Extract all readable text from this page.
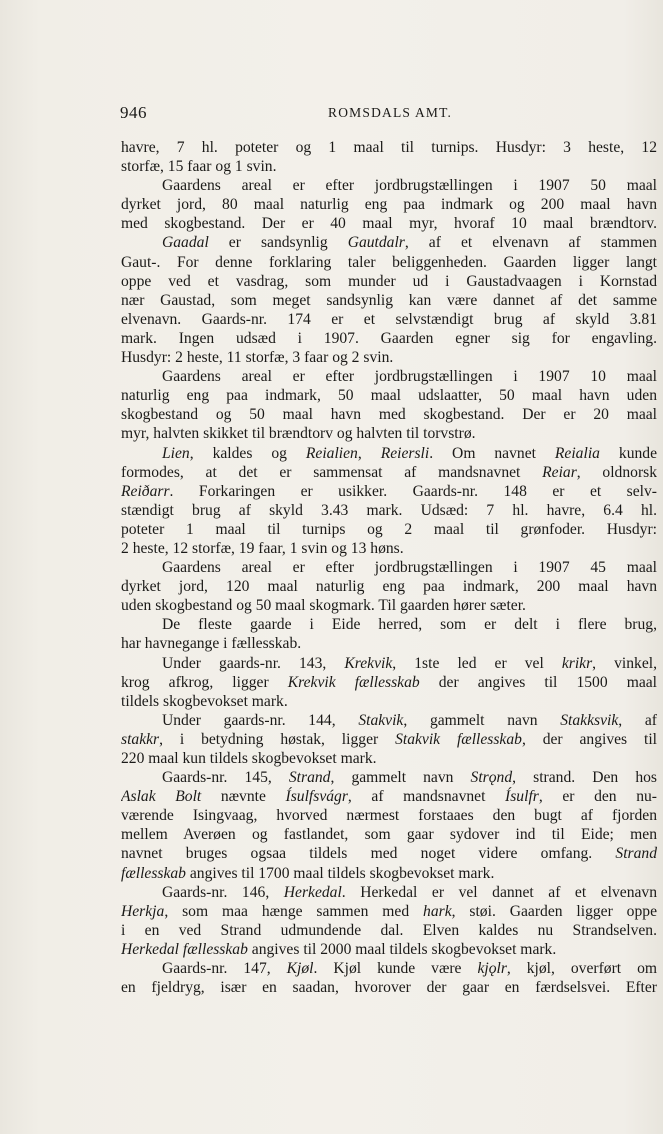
946	ROMSDALS AMT.
havre, 7 hl. poteter og 1 maal til turnips. Husdyr: 3 heste, 12
storfæ, 15 faar og 1 svin.
Gaardens areal er efter jordbrugstællingen i 1907 50 maal
dyrket jord, 80 maal naturlig eng paa indmark og 200 maal havn
med skogbestand. Der er 40 maal myr, hvoraf 10 maal brændtorv.
Gaadal er sandsynlig Gautdalr, af et elvenavn af stammen
Gaut-. For denne forklaring taler beliggenheden. Gaarden ligger langt
oppe ved et vasdrag, som munder ud i Gaustadvaagen i Kornstad
nær Gaustad, som meget sandsynlig kan være dannet af det samme
elvenavn. Gaards-nr. 174 er et selvstændigt brug af skyld 3.81
mark. Ingen udsæd i 1907. Gaarden egner sig for engavling.
Husdyr: 2 heste, 11 storfæ, 3 faar og 2 svin.
Gaardens areal er efter jordbrugstællingen i 1907 10 maal
naturlig eng paa indmark, 50 maal udslaatter, 50 maal havn uden
skogbestand og 50 maal havn med skogbestand. Der er 20 maal
myr, halvten skikket til brændtorv og halvten til torvstrø.
Lien, kaldes og Reialien, Reiersli. Om navnet Reialia kunde
formodes, at det er sammensat af mandsnavnet Reiar, oldnorsk
Reiðarr. Forkaringen er usikker. Gaards-nr. 148 er et selv-
stændigt brug af skyld 3.43 mark. Udsæd: 7 hl. havre, 6.4 hl.
poteter 1 maal til turnips og 2 maal til grønfoder. Husdyr:
2 heste, 12 storfæ, 19 faar, 1 svin og 13 høns.
Gaardens areal er efter jordbrugstællingen i 1907 45 maal
dyrket jord, 120 maal naturlig eng paa indmark, 200 maal havn
uden skogbestand og 50 maal skogmark. Til gaarden hører sæter.
De fleste gaarde i Eide herred, som er delt i flere brug,
har havnegange i fællesskab.
Under gaards-nr. 143, Krekvik, 1ste led er vel krikr, vinkel,
krog afkrog, ligger Krekvik fællesskab der angives til 1500 maal
tildels skogbevokset mark.
Under gaards-nr. 144, Stakvik, gammelt navn Stakksvik, af
stakkr, i betydning høstak, ligger Stakvik fællesskab, der angives til
220 maal kun tildels skogbevokset mark.
Gaards-nr. 145, Strand, gammelt navn Strǫnd, strand. Den hos
Aslak Bolt nævnte Ísulfsvágr, af mandsnavnet Ísulfr, er den nu-
værende Isingvaag, hvorved nærmest forstaaes den bugt af fjorden
mellem Averøen og fastlandet, som gaar sydover ind til Eide; men
navnet bruges ogsaa tildels med noget videre omfang. Strand
fællesskab angives til 1700 maal tildels skogbevokset mark.
Gaards-nr. 146, Herkedal. Herkedal er vel dannet af et elvenavn
Herkja, som maa hænge sammen med hark, støi. Gaarden ligger oppe
i en ved Strand udmundende dal. Elven kaldes nu Strandselven.
Herkedal fællesskab angives til 2000 maal tildels skogbevokset mark.
Gaards-nr. 147, Kjøl. Kjøl kunde være kjǫlr, kjøl, overført om
en fjeldryg, især en saadan, hvorover der gaar en færdselsvei. Efter
